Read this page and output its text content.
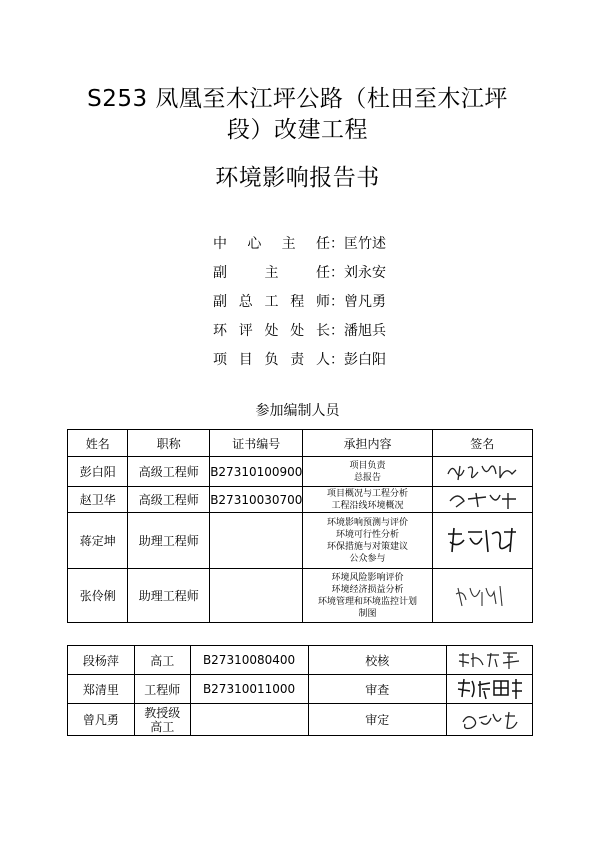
S253 凤凰至木江坪公路（杜田至木江坪
段）改建工程
环境影响报告书
中 心 主 任：匡竹述
副 主 任：刘永安
副总工程师：曾凡勇
环评处处长：潘旭兵
项目负责人：彭白阳
参加编制人员
姓名	职称	证书编号	承担内容	签名
彭白阳	高级工程师	B27310100900	项目负责
总报告

赵卫华	高级工程师	B27310030700	项目概况与工程分析
工程沿线环境概况

蒋定坤	助理工程师		环境影响预测与评价
环境可行性分析
环保措施与对策建议
公众参与

张伶俐	助理工程师		环境风险影响评价
环境经济损益分析
环境管理和环境监控计划
制图

段杨萍	高工	B27310080400	校核	

郑清里	工程师	B27310011000	审查	

曾凡勇	教授级
高工		审定	
